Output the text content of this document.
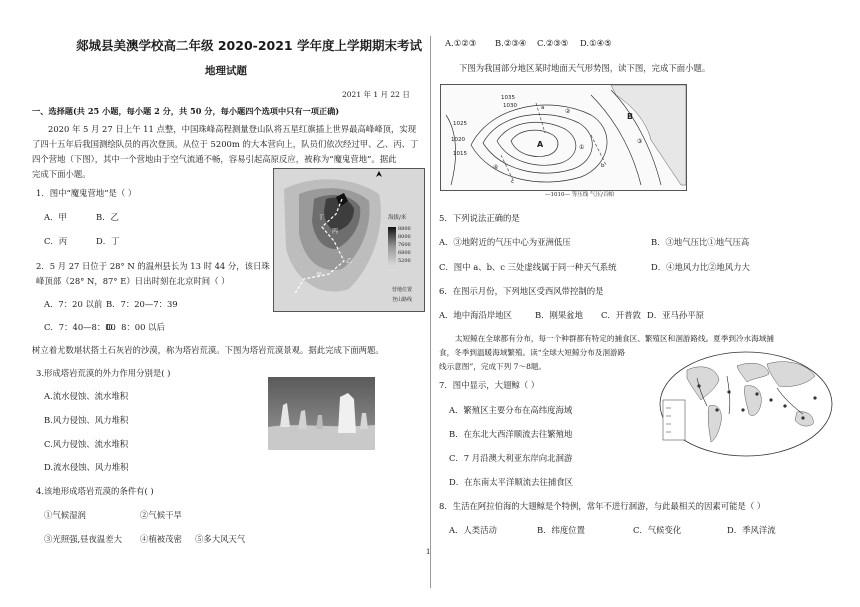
郯城县美澳学校高二年级 2020-2021 学年度上学期期末考试
地理试题
2021 年 1 月 22 日
一、选择题(共 25 小题，每小题 2 分，共 50 分，每小题四个选项中只有一项正确)
2020 年 5 月 27 日上午 11 点整，中国珠峰高程测量登山队将五星红旗插上世界最高峰峰顶，实现
了四十五年后我国测绘队员的再次登顶。从位于 5200m 的大本营向上，队员们依次经过甲、乙、丙、丁
四个营地（下图），其中一个营地由于空气流通不畅，容易引起高原反应，被称为“魔鬼营地”。据此
完成下面小题。
丁
丙
乙
甲
海拔/米
8800
8000
7600
6800
5200
营地位置
登山路线
1．图中“魔鬼营地”是（ ）
A．甲	B．乙
C．丙	D．丁
2．5 月 27 日位于 28° N 的温州县长为 13 时 44 分，该日珠
峰顶部（28° N，87° E）日出时刻在北京时间（ ）
A．7：20 以前 B．7：20—7：39
C．7：40—8：00
D．8：00 以后
树立着尤数堪状搭土石灰岩的沙漠，称为塔岩荒漠。下图为塔岩荒漠景观。据此完成下面两题。
3.形成塔岩荒漠的外力作用分别是( )
A.流水侵蚀、流水堆积
B.风力侵蚀、风力堆积
C.风力侵蚀、流水堆积
D.流水侵蚀、风力堆积
4.该地形成塔岩荒漠的条件有( )
①气候湿润	②气候干旱
③光照强,昼夜温差大 ④植被茂密 ⑤多大风天气
A.①②③ B.②③④ C.②③⑤ D.①④⑤
下图为我国部分地区某时地面天气形势图，读下图，完成下面小题。
1035
1030
1025
1020
1015
A
B
a
b
c
①
②
③
④
—1010— 等压线 气压/百帕
5．下列说法正确的是
A．③地附近的气压中心为亚洲低压	B．③地气压比①地气压高
C．图中 a、b、c 三处虚线属于同一种天气系统	D．④地风力比②地风力大
6．在图示月份，下列地区受西风带控制的是
A．地中海沿岸地区	B．刚果盆地 C．开普敦 D．亚马孙平原
太短鲸在全球都有分布，每一个种群都有特定的捕食区、繁殖区和洄游路线。夏季到冷水海域捕
食，冬季到温暖海域繁殖。读“全球大短鲸分布及洄游路
线示意图”，完成下列 7～8题。
7．图中显示，大翅鲸（ ）
A．繁殖区主要分布在高纬度海域
B．在东北大西洋顺流去往繁殖地
C．7 月沿澳大利亚东岸向北洄游
D．在东南太平洋顺流去往捕食区
8．生活在阿拉伯海的大翅鲸是个特例，常年不进行洄游，与此最相关的因素可能是（ ）
A．人类活动	B．纬度位置	C．气候变化	D．季风洋流
1
